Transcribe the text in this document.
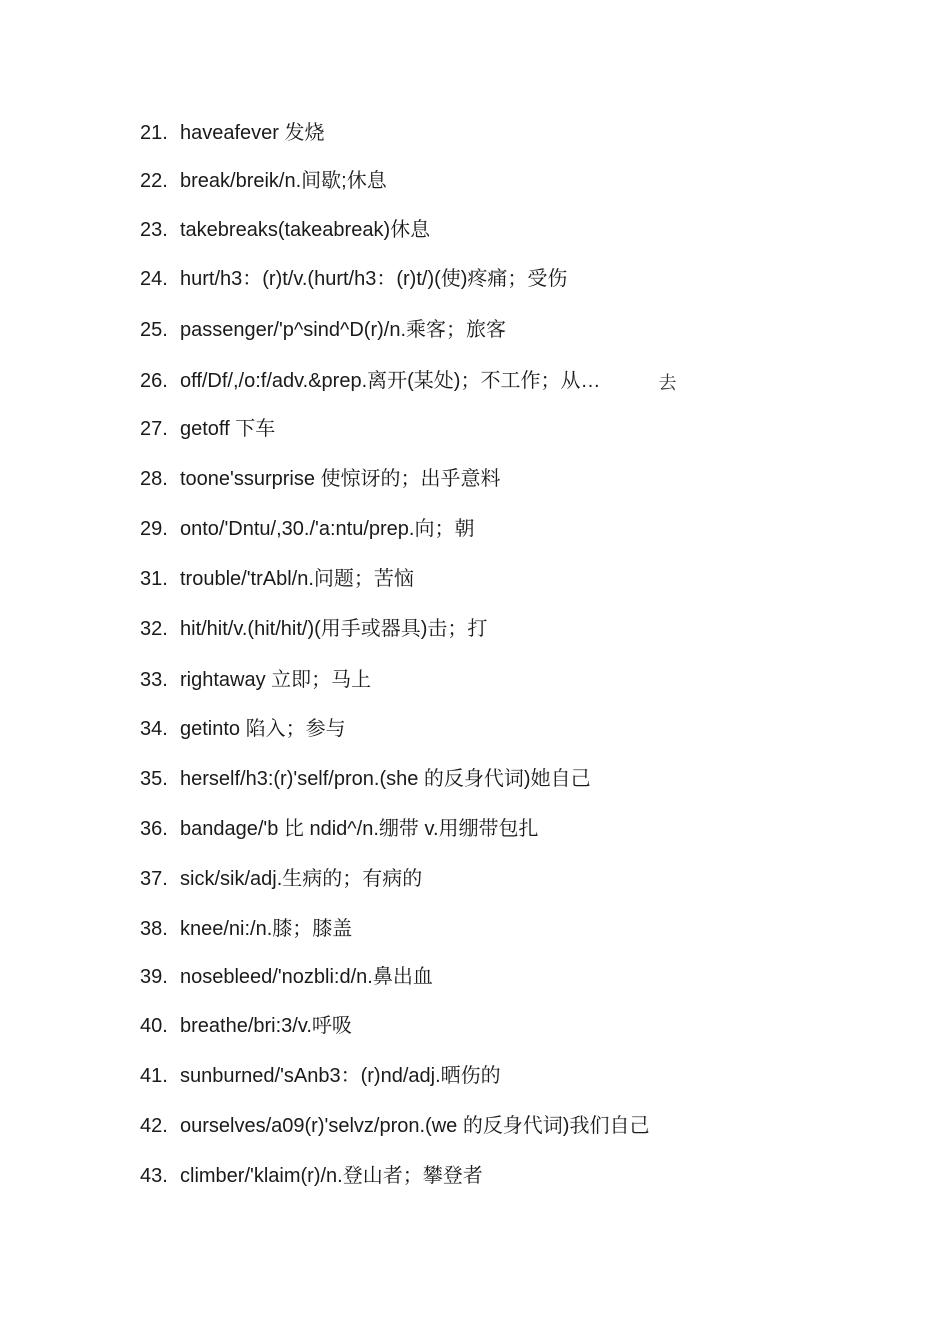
21. haveafever 发烧
22. break/breik/n.间歇;休息
23. takebreaks(takeabreak)休息
24. hurt/h3：(r)t/v.(hurt/h3：(r)t/)(使)疼痛；受伤
25. passenger/'p^sind^D(r)/n.乘客；旅客
26. off/Df/,/o:f/adv.&prep.离开(某处)；不工作；从…	去
27. getoff 下车
28. toone'ssurprise 使惊讶的；出乎意料
29. onto/'Dntu/,30./'a:ntu/prep.向；朝
31. trouble/'trAbl/n.问题；苦恼
32. hit/hit/v.(hit/hit/)(用手或器具)击；打
33. rightaway 立即；马上
34. getinto 陷入；参与
35. herself/h3:(r)'self/pron.(she 的反身代词)她自己
36. bandage/'b 比 ndid^/n.绷带 v.用绷带包扎
37. sick/sik/adj.生病的；有病的
38. knee/ni:/n.膝；膝盖
39. nosebleed/'nozbli:d/n.鼻出血
40. breathe/bri:3/v.呼吸
41. sunburned/'sAnb3：(r)nd/adj.晒伤的
42. ourselves/a09(r)'selvz/pron.(we 的反身代词)我们自己
43. climber/'klaim(r)/n.登山者；攀登者
